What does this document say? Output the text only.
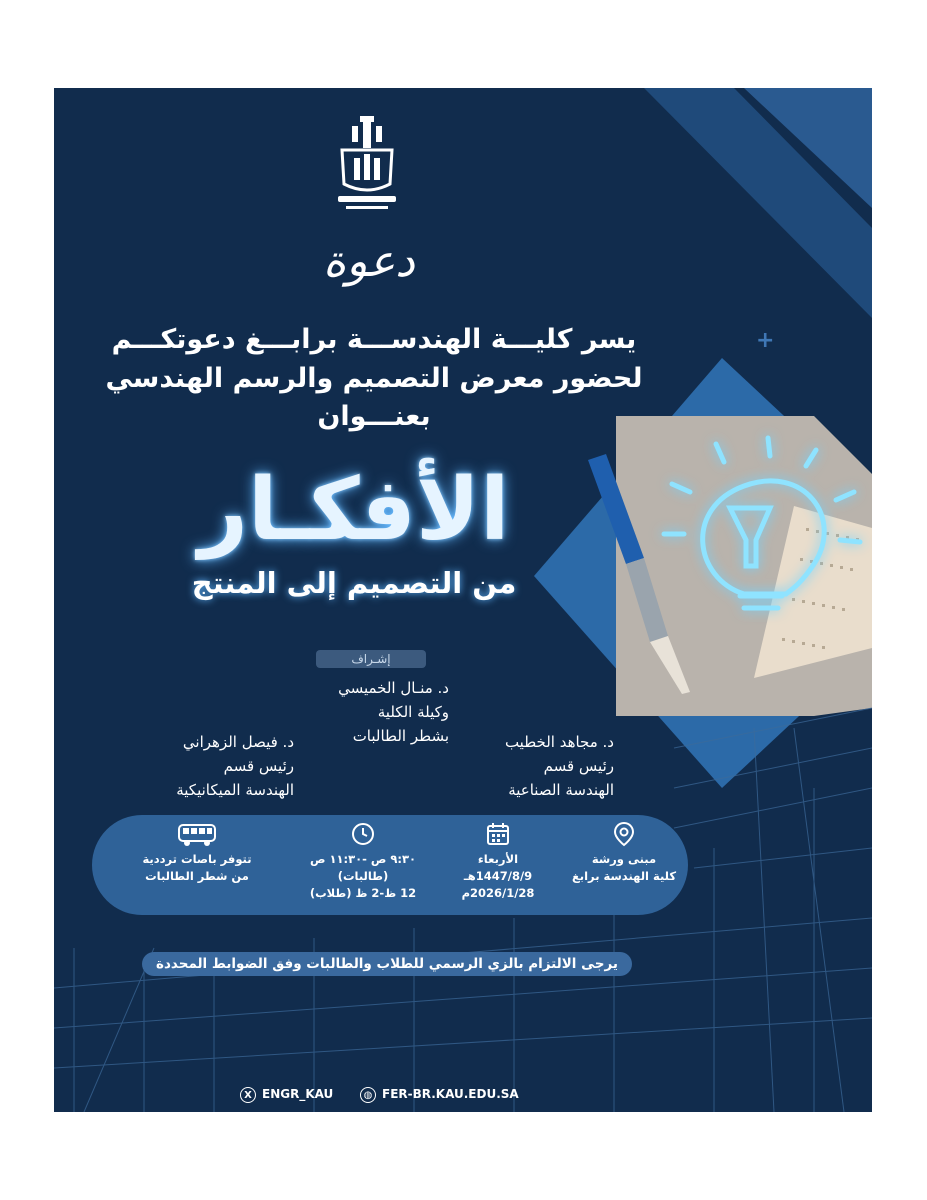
دعوة
يسر كليـــة الهندســـة برابـــغ دعوتكـــم
لحضور معرض التصميم والرسم الهندسي
بعنـــوان
+
الأفكـار
من التصميم إلى المنتج
إشـراف
د. منـال الخميسي
وكيلة الكلية
بشطر الطالبات
د. فيصل الزهراني
رئيس قسم
الهندسة الميكانيكية
د. مجاهد الخطيب
رئيس قسم
الهندسة الصناعية
مبنى ورشة
كلية الهندسة برابغ
الأربعاء
1447/8/9هـ
2026/1/28م
٩:٣٠ ص -١١:٣٠ ص (طالبات)
12 ظ-2 ظ (طلاب)
تتوفر باصات ترددية
من شطر الطالبات
يرجى الالتزام بالزي الرسمي للطلاب والطالبات وفق الضوابط المحددة
X ENGR_KAU	◍ FER-BR.KAU.EDU.SA
